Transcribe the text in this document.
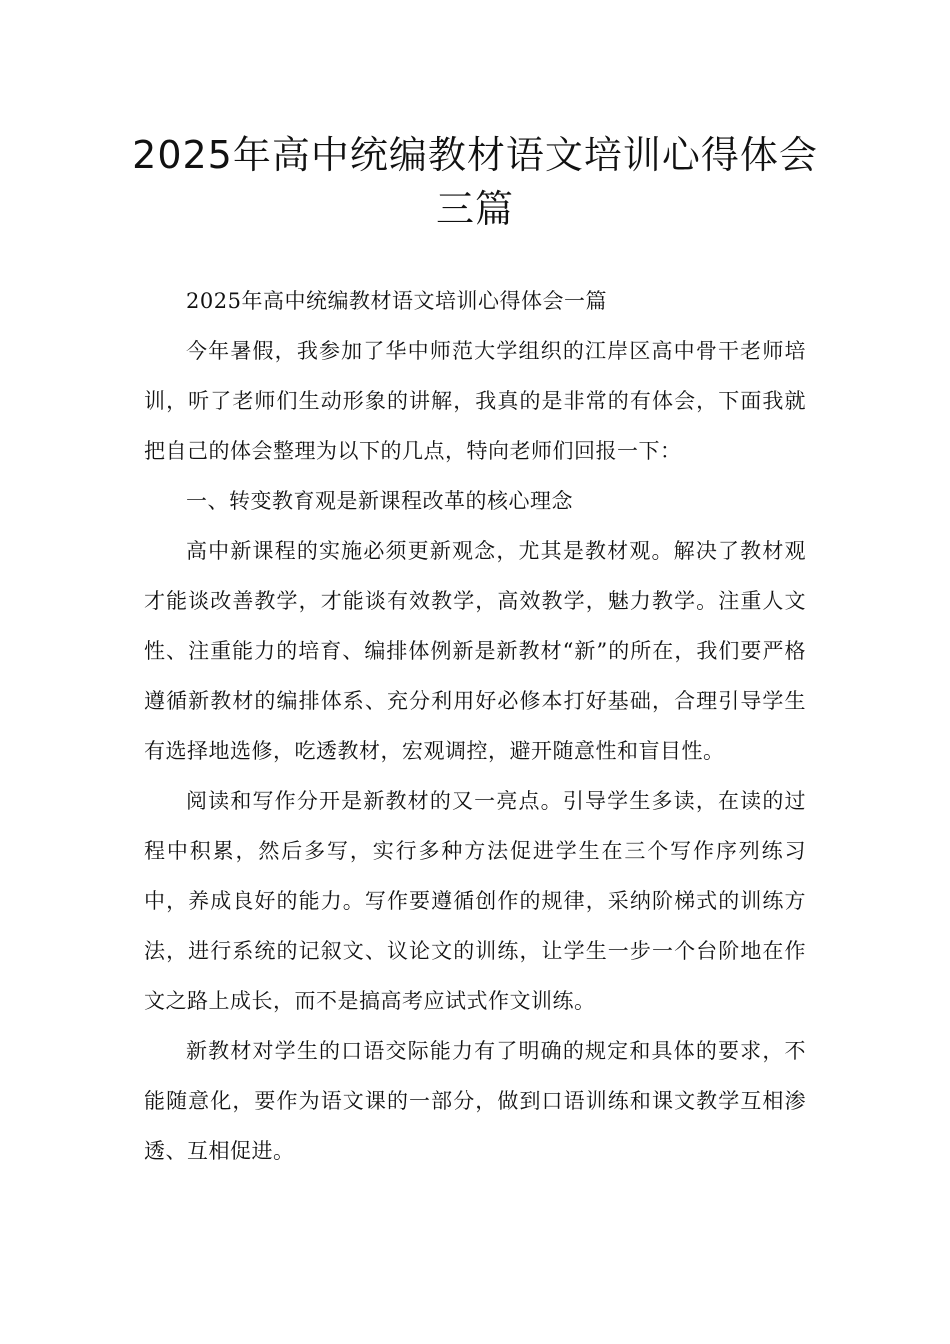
2025年高中统编教材语文培训心得体会
三篇

2025年高中统编教材语文培训心得体会一篇

今年暑假，我参加了华中师范大学组织的江岸区高中骨干老师培训，听了老师们生动形象的讲解，我真的是非常的有体会，下面我就把自己的体会整理为以下的几点，特向老师们回报一下：

一、转变教育观是新课程改革的核心理念

高中新课程的实施必须更新观念，尤其是教材观。解决了教材观才能谈改善教学，才能谈有效教学，高效教学，魅力教学。注重人文性、注重能力的培育、编排体例新是新教材“新”的所在，我们要严格遵循新教材的编排体系、充分利用好必修本打好基础，合理引导学生有选择地选修，吃透教材，宏观调控，避开随意性和盲目性。

阅读和写作分开是新教材的又一亮点。引导学生多读，在读的过程中积累，然后多写，实行多种方法促进学生在三个写作序列练习中，养成良好的能力。写作要遵循创作的规律，采纳阶梯式的训练方法，进行系统的记叙文、议论文的训练，让学生一步一个台阶地在作文之路上成长，而不是搞高考应试式作文训练。

新教材对学生的口语交际能力有了明确的规定和具体的要求，不能随意化，要作为语文课的一部分，做到口语训练和课文教学互相渗透、互相促进。
